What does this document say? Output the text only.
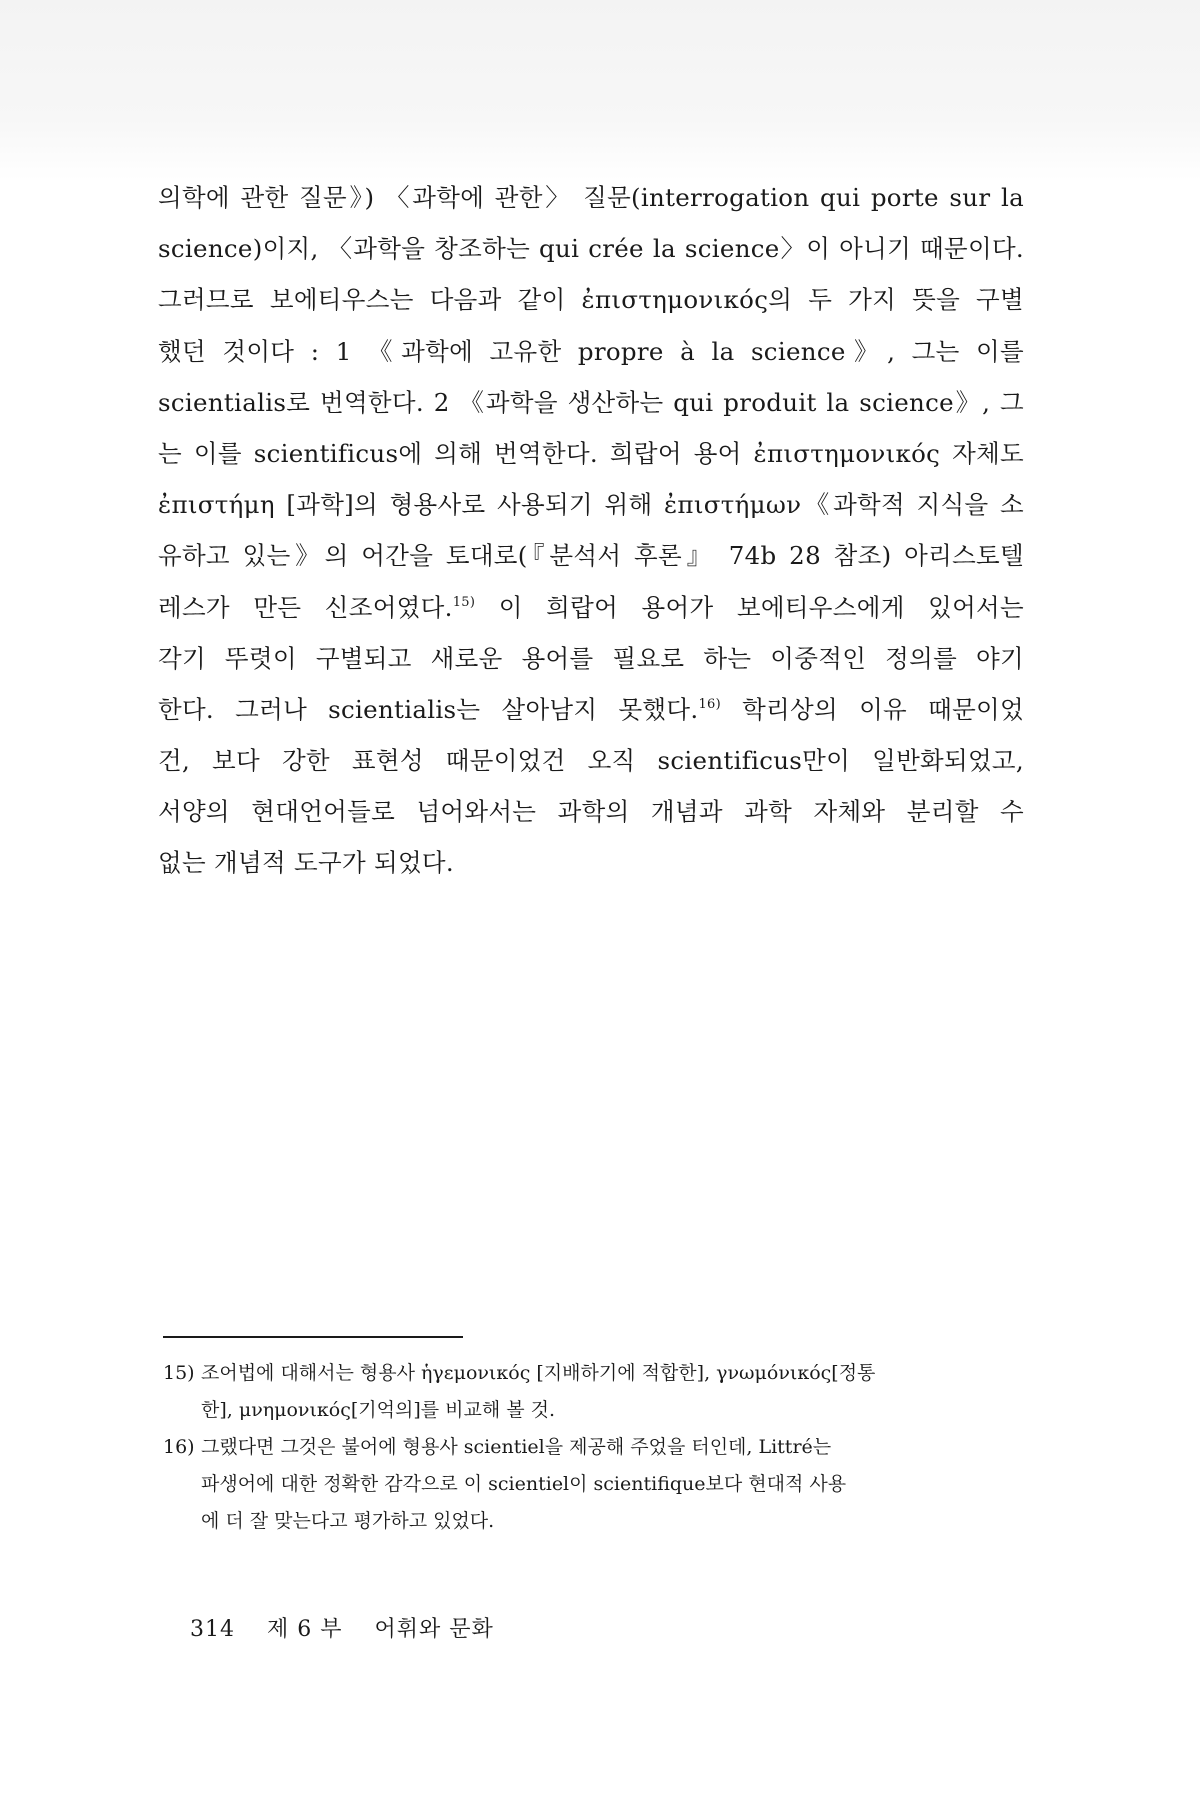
의학에 관한 질문》) 〈과학에 관한〉 질문(interrogation qui porte sur la
science)이지, 〈과학을 창조하는 qui crée la science〉이 아니기 때문이다.
그러므로 보에티우스는 다음과 같이 ἐπιστημονικός의 두 가지 뜻을 구별
했던 것이다 : 1 《과학에 고유한 propre à la science》, 그는 이를
scientialis로 번역한다. 2 《과학을 생산하는 qui produit la science》, 그
는 이를 scientificus에 의해 번역한다. 희랍어 용어 ἐπιστημονικός 자체도
ἐπιστήμη [과학]의 형용사로 사용되기 위해 ἐπιστήμων《과학적 지식을 소
유하고 있는》의 어간을 토대로(『분석서 후론』 74b 28 참조) 아리스토텔
레스가 만든 신조어였다.$^{15)}$ 이 희랍어 용어가 보에티우스에게 있어서는
각기 뚜렷이 구별되고 새로운 용어를 필요로 하는 이중적인 정의를 야기
한다. 그러나 scientialis는 살아남지 못했다.$^{16)}$ 학리상의 이유 때문이었
건, 보다 강한 표현성 때문이었건 오직 scientificus만이 일반화되었고,
서양의 현대언어들로 넘어와서는 과학의 개념과 과학 자체와 분리할 수
없는 개념적 도구가 되었다.
15) 조어법에 대해서는 형용사 ἡγεμονικός [지배하기에 적합한], γνωμόνικός[정통
한], μνημονικός[기억의]를 비교해 볼 것.
16) 그랬다면 그것은 불어에 형용사 scientiel을 제공해 주었을 터인데, Littré는
파생어에 대한 정확한 감각으로 이 scientiel이 scientifique보다 현대적 사용
에 더 잘 맞는다고 평가하고 있었다.
314 제 6 부 어휘와 문화
